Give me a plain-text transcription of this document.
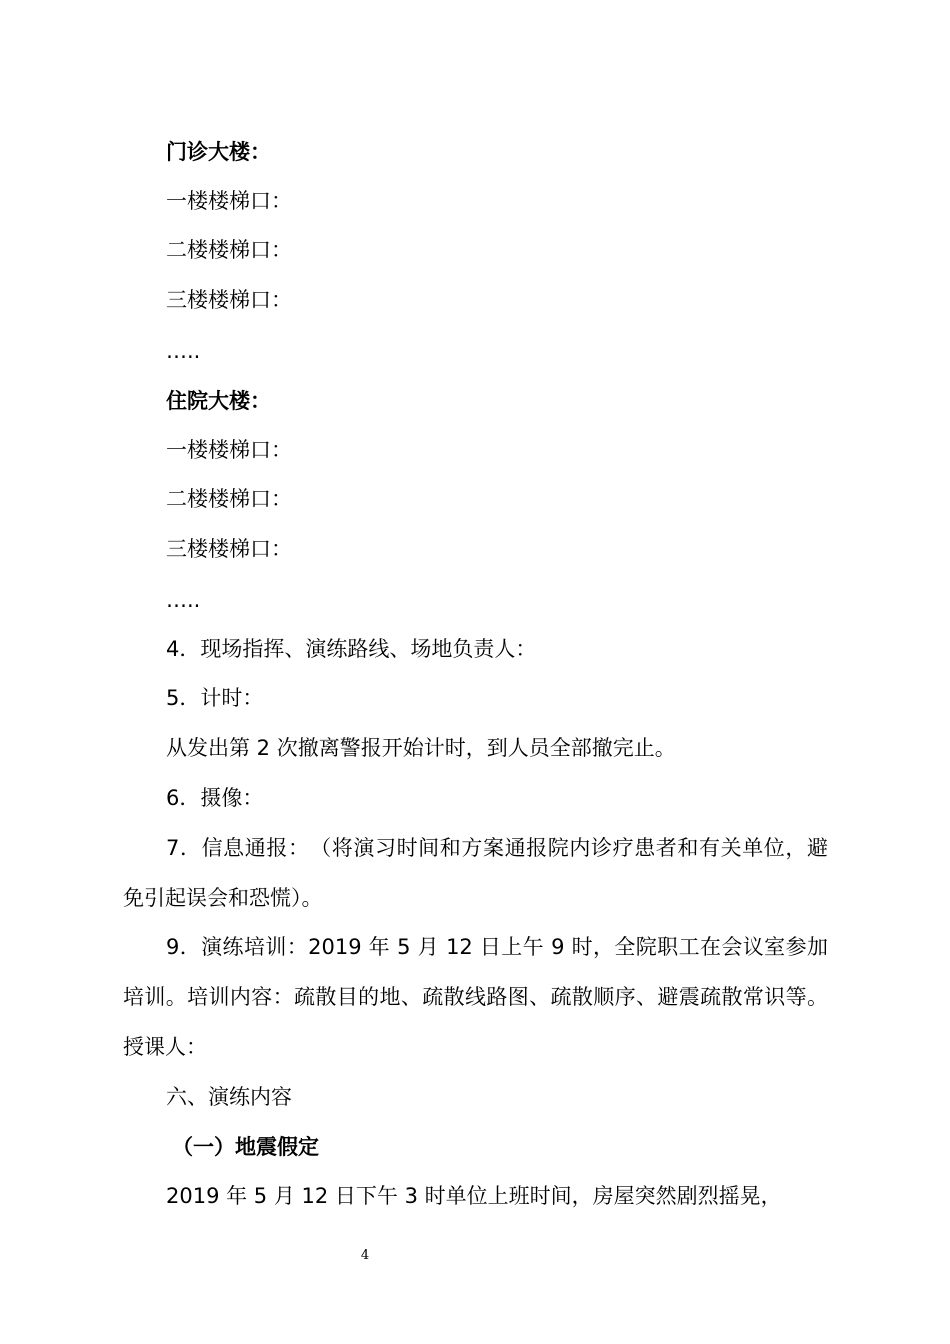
门诊大楼：
一楼楼梯口：
二楼楼梯口：
三楼楼梯口：
…..
住院大楼：
一楼楼梯口：
二楼楼梯口：
三楼楼梯口：
…..
4．现场指挥、演练路线、场地负责人：
5．计时：
从发出第 2 次撤离警报开始计时，到人员全部撤完止。
6．摄像：
7．信息通报：　（将演习时间和方案通报院内诊疗患者和有关单位，避免引起误会和恐慌）。
9．演练培训：2019 年 5 月 12 日上午 9 时，全院职工在会议室参加培训。培训内容：疏散目的地、疏散线路图、疏散顺序、避震疏散常识等。 授课人：
六、演练内容
（一）地震假定
2019 年 5 月 12 日下午 3 时单位上班时间，房屋突然剧烈摇晃，
4
